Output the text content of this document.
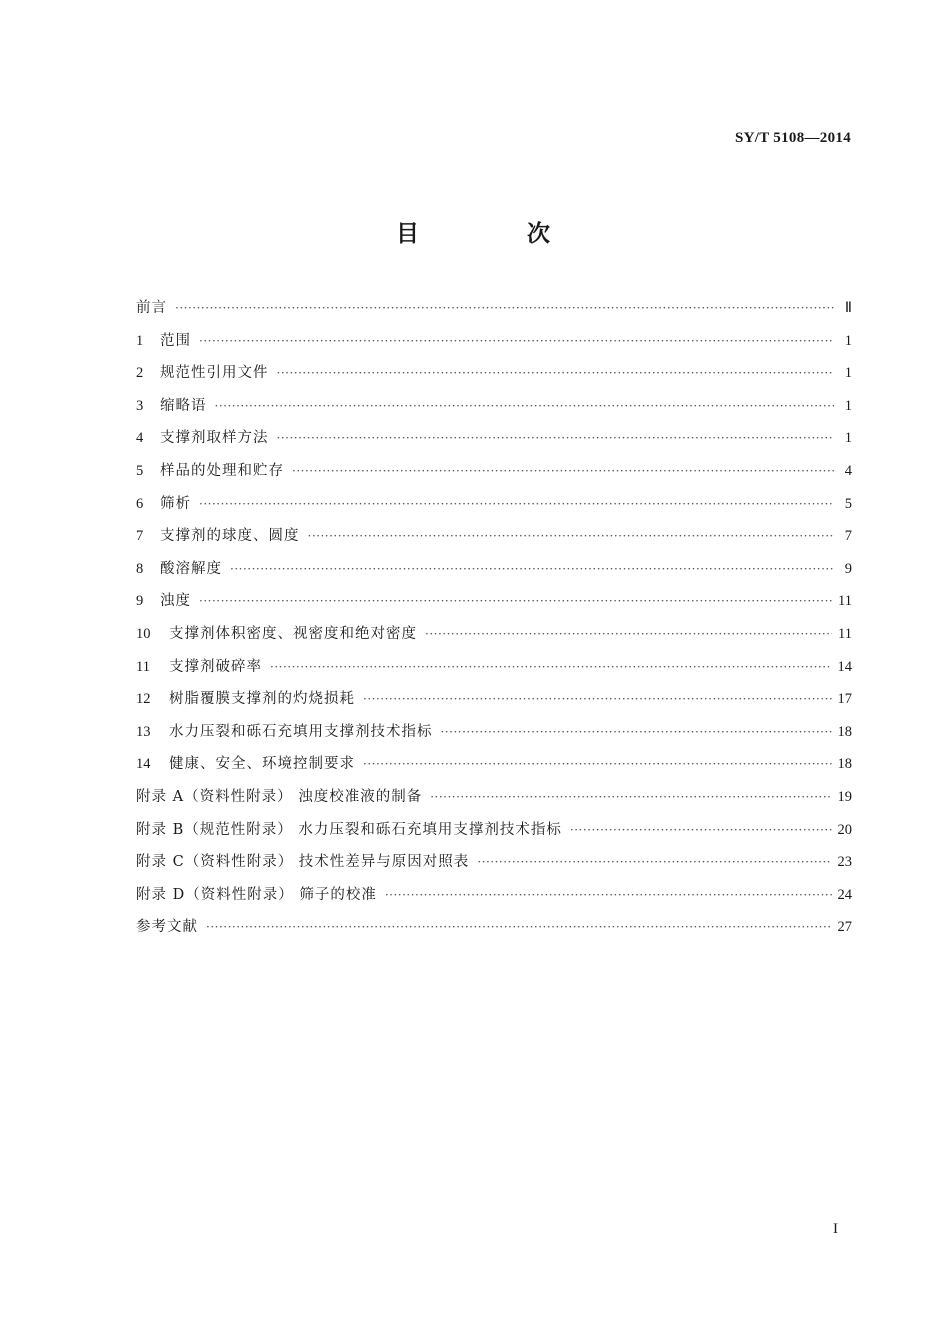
SY/T 5108—2014
目 次
前言 ·····	Ⅱ
1	范围 ·····	1
2	规范性引用文件 ·····	1
3	缩略语 ·····	1
4	支撑剂取样方法 ·····	1
5	样品的处理和贮存 ·····	4
6	筛析 ·····	5
7	支撑剂的球度、圆度 ·····	7
8	酸溶解度 ·····	9
9	浊度 ·····	11
10	支撑剂体积密度、视密度和绝对密度 ·····	11
11	支撑剂破碎率 ·····	14
12	树脂覆膜支撑剂的灼烧损耗 ·····	17
13	水力压裂和砾石充填用支撑剂技术指标 ·····	18
14	健康、安全、环境控制要求 ·····	18
附录 A（资料性附录） 浊度校准液的制备 ·····	19
附录 B（规范性附录） 水力压裂和砾石充填用支撑剂技术指标 ·····	20
附录 C（资料性附录） 技术性差异与原因对照表 ·····	23
附录 D（资料性附录） 筛子的校准 ·····	24
参考文献 ·····	27
I
